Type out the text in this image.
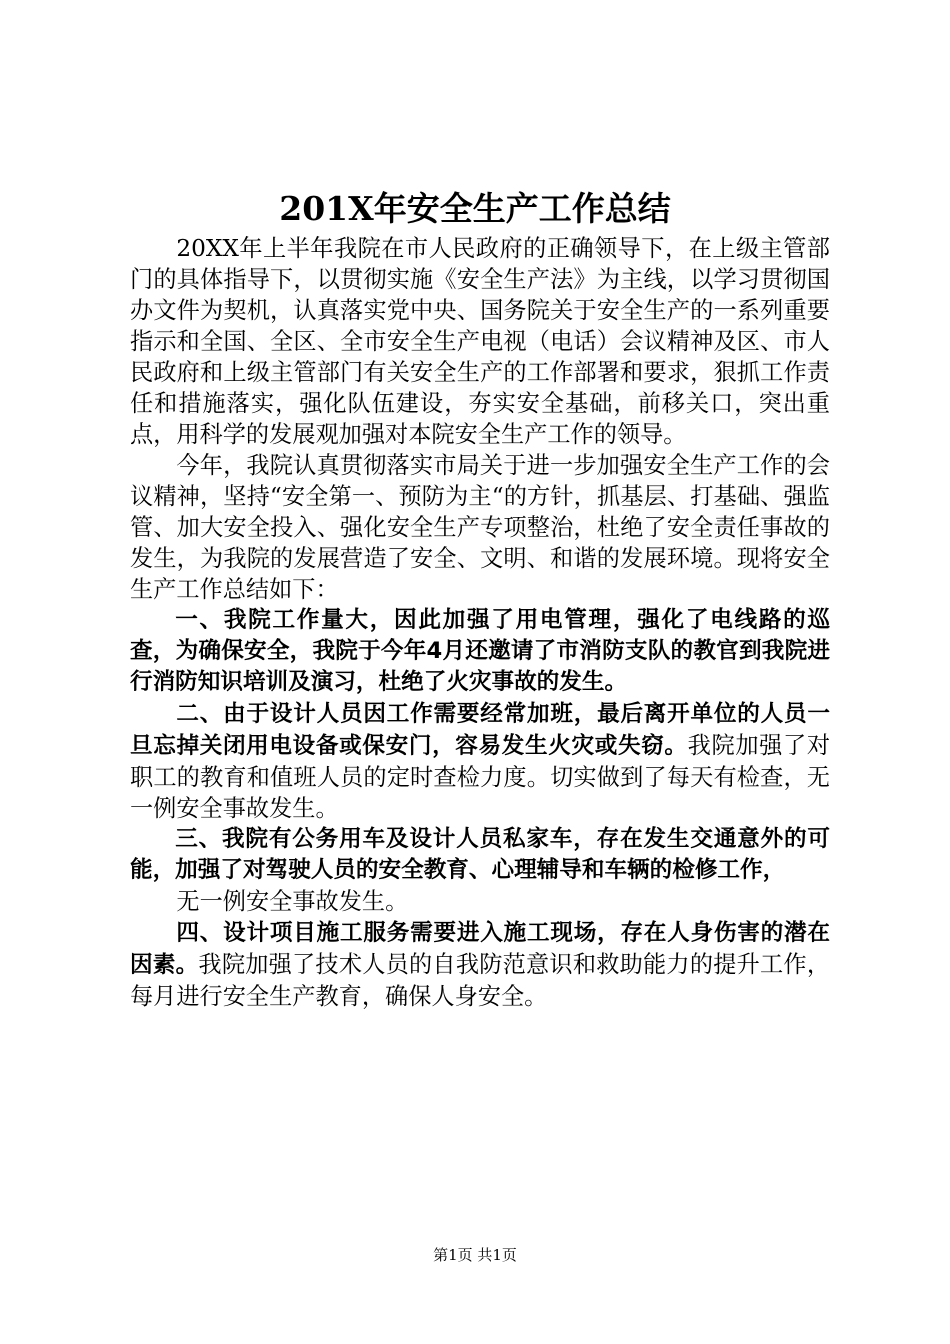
201X年安全生产工作总结

20XX年上半年我院在市人民政府的正确领导下，在上级主管部门的具体指导下，以贯彻实施《安全生产法》为主线，以学习贯彻国办文件为契机，认真落实党中央、国务院关于安全生产的一系列重要指示和全国、全区、全市安全生产电视（电话）会议精神及区、市人民政府和上级主管部门有关安全生产的工作部署和要求，狠抓工作责任和措施落实，强化队伍建设，夯实安全基础，前移关口，突出重点，用科学的发展观加强对本院安全生产工作的领导。

今年，我院认真贯彻落实市局关于进一步加强安全生产工作的会议精神，坚持“安全第一、预防为主“的方针，抓基层、打基础、强监管、加大安全投入、强化安全生产专项整治，杜绝了安全责任事故的发生，为我院的发展营造了安全、文明、和谐的发展环境。现将安全生产工作总结如下：

一、我院工作量大，因此加强了用电管理，强化了电线路的巡查，为确保安全，我院于今年4月还邀请了市消防支队的教官到我院进行消防知识培训及演习，杜绝了火灾事故的发生。

二、由于设计人员因工作需要经常加班，最后离开单位的人员一旦忘掉关闭用电设备或保安门，容易发生火灾或失窃。我院加强了对职工的教育和值班人员的定时查检力度。切实做到了每天有检查，无一例安全事故发生。

三、我院有公务用车及设计人员私家车，存在发生交通意外的可能，加强了对驾驶人员的安全教育、心理辅导和车辆的检修工作，

无一例安全事故发生。

四、设计项目施工服务需要进入施工现场，存在人身伤害的潜在因素。我院加强了技术人员的自我防范意识和救助能力的提升工作，每月进行安全生产教育，确保人身安全。

第1页 共1页
